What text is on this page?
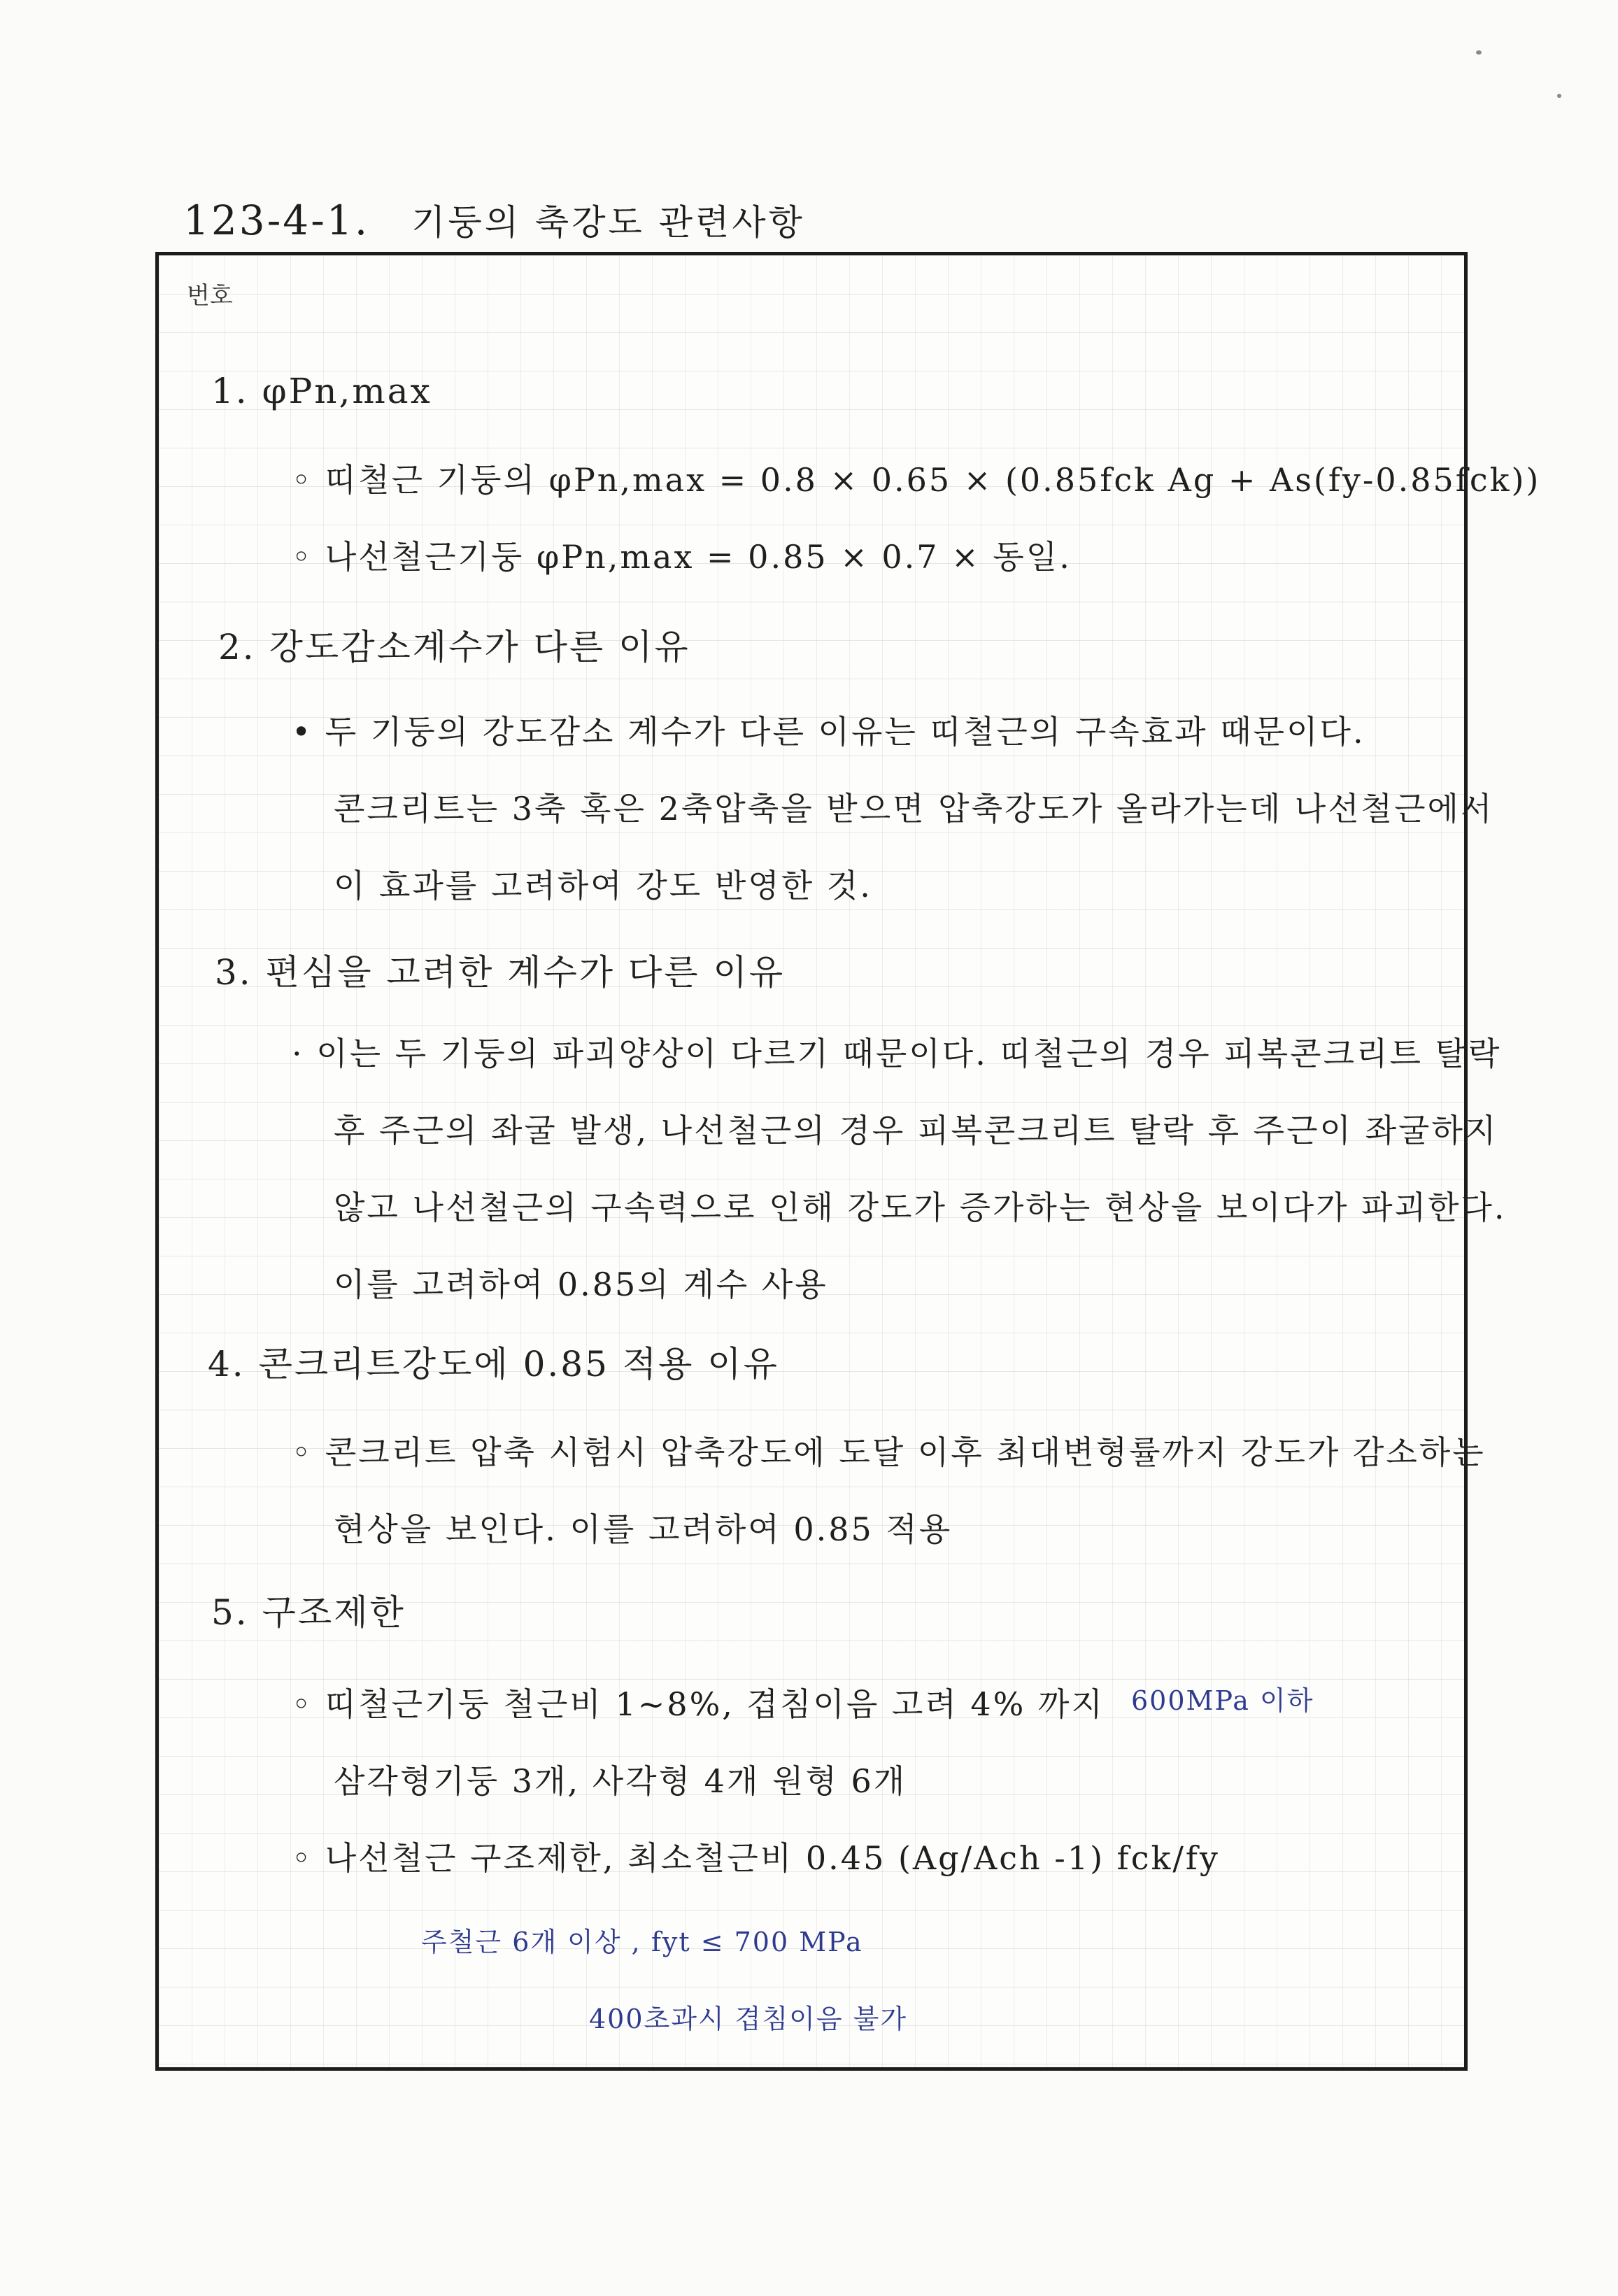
123-4-1. 기둥의 축강도 관련사항
번호
1. φPn,max
◦ 띠철근 기둥의 φPn,max = 0.8 × 0.65 × (0.85fck Ag + As(fy-0.85fck))
◦ 나선철근기둥 φPn,max = 0.85 × 0.7 × 동일.
2. 강도감소계수가 다른 이유
• 두 기둥의 강도감소 계수가 다른 이유는 띠철근의 구속효과 때문이다.
콘크리트는 3축 혹은 2축압축을 받으면 압축강도가 올라가는데 나선철근에서
이 효과를 고려하여 강도 반영한 것.
3. 편심을 고려한 계수가 다른 이유
· 이는 두 기둥의 파괴양상이 다르기 때문이다. 띠철근의 경우 피복콘크리트 탈락
후 주근의 좌굴 발생, 나선철근의 경우 피복콘크리트 탈락 후 주근이 좌굴하지
않고 나선철근의 구속력으로 인해 강도가 증가하는 현상을 보이다가 파괴한다.
이를 고려하여 0.85의 계수 사용
4. 콘크리트강도에 0.85 적용 이유
◦ 콘크리트 압축 시험시 압축강도에 도달 이후 최대변형률까지 강도가 감소하는
현상을 보인다. 이를 고려하여 0.85 적용
5. 구조제한
◦ 띠철근기둥 철근비 1~8%, 겹침이음 고려 4% 까지 600MPa 이하
삼각형기둥 3개, 사각형 4개 원형 6개
◦ 나선철근 구조제한, 최소철근비 0.45 (Ag/Ach -1) fck/fy
주철근 6개 이상 , fyt ≤ 700 MPa
400초과시 겹침이음 불가
